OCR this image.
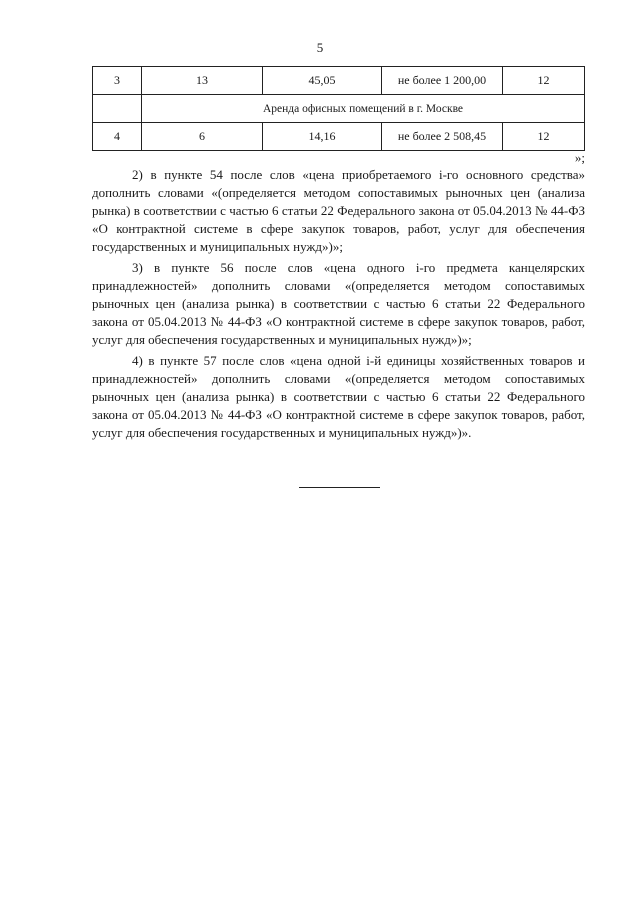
5
3	13	45,05	не более 1 200,00	12
	Аренда офисных помещений в г. Москве			
4	6	14,16	не более 2 508,45	12
»;

2) в пункте 54 после слов «цена приобретаемого i-го основного средства» дополнить словами «(определяется методом сопоставимых рыночных цен (анализа рынка) в соответствии с частью 6 статьи 22 Федерального закона от 05.04.2013 № 44-ФЗ «О контрактной системе в сфере закупок товаров, работ, услуг для обеспечения государственных и муниципальных нужд»)»;

3) в пункте 56 после слов «цена одного i-го предмета канцелярских принадлежностей» дополнить словами «(определяется методом сопоставимых рыночных цен (анализа рынка) в соответствии с частью 6 статьи 22 Федерального закона от 05.04.2013 № 44-ФЗ «О контрактной системе в сфере закупок товаров, работ, услуг для обеспечения государственных и муниципальных нужд»)»;

4) в пункте 57 после слов «цена одной i-й единицы хозяйственных товаров и принадлежностей» дополнить словами «(определяется методом сопоставимых рыночных цен (анализа рынка) в соответствии с частью 6 статьи 22 Федерального закона от 05.04.2013 № 44-ФЗ «О контрактной системе в сфере закупок товаров, работ, услуг для обеспечения государственных и муниципальных нужд»)».
